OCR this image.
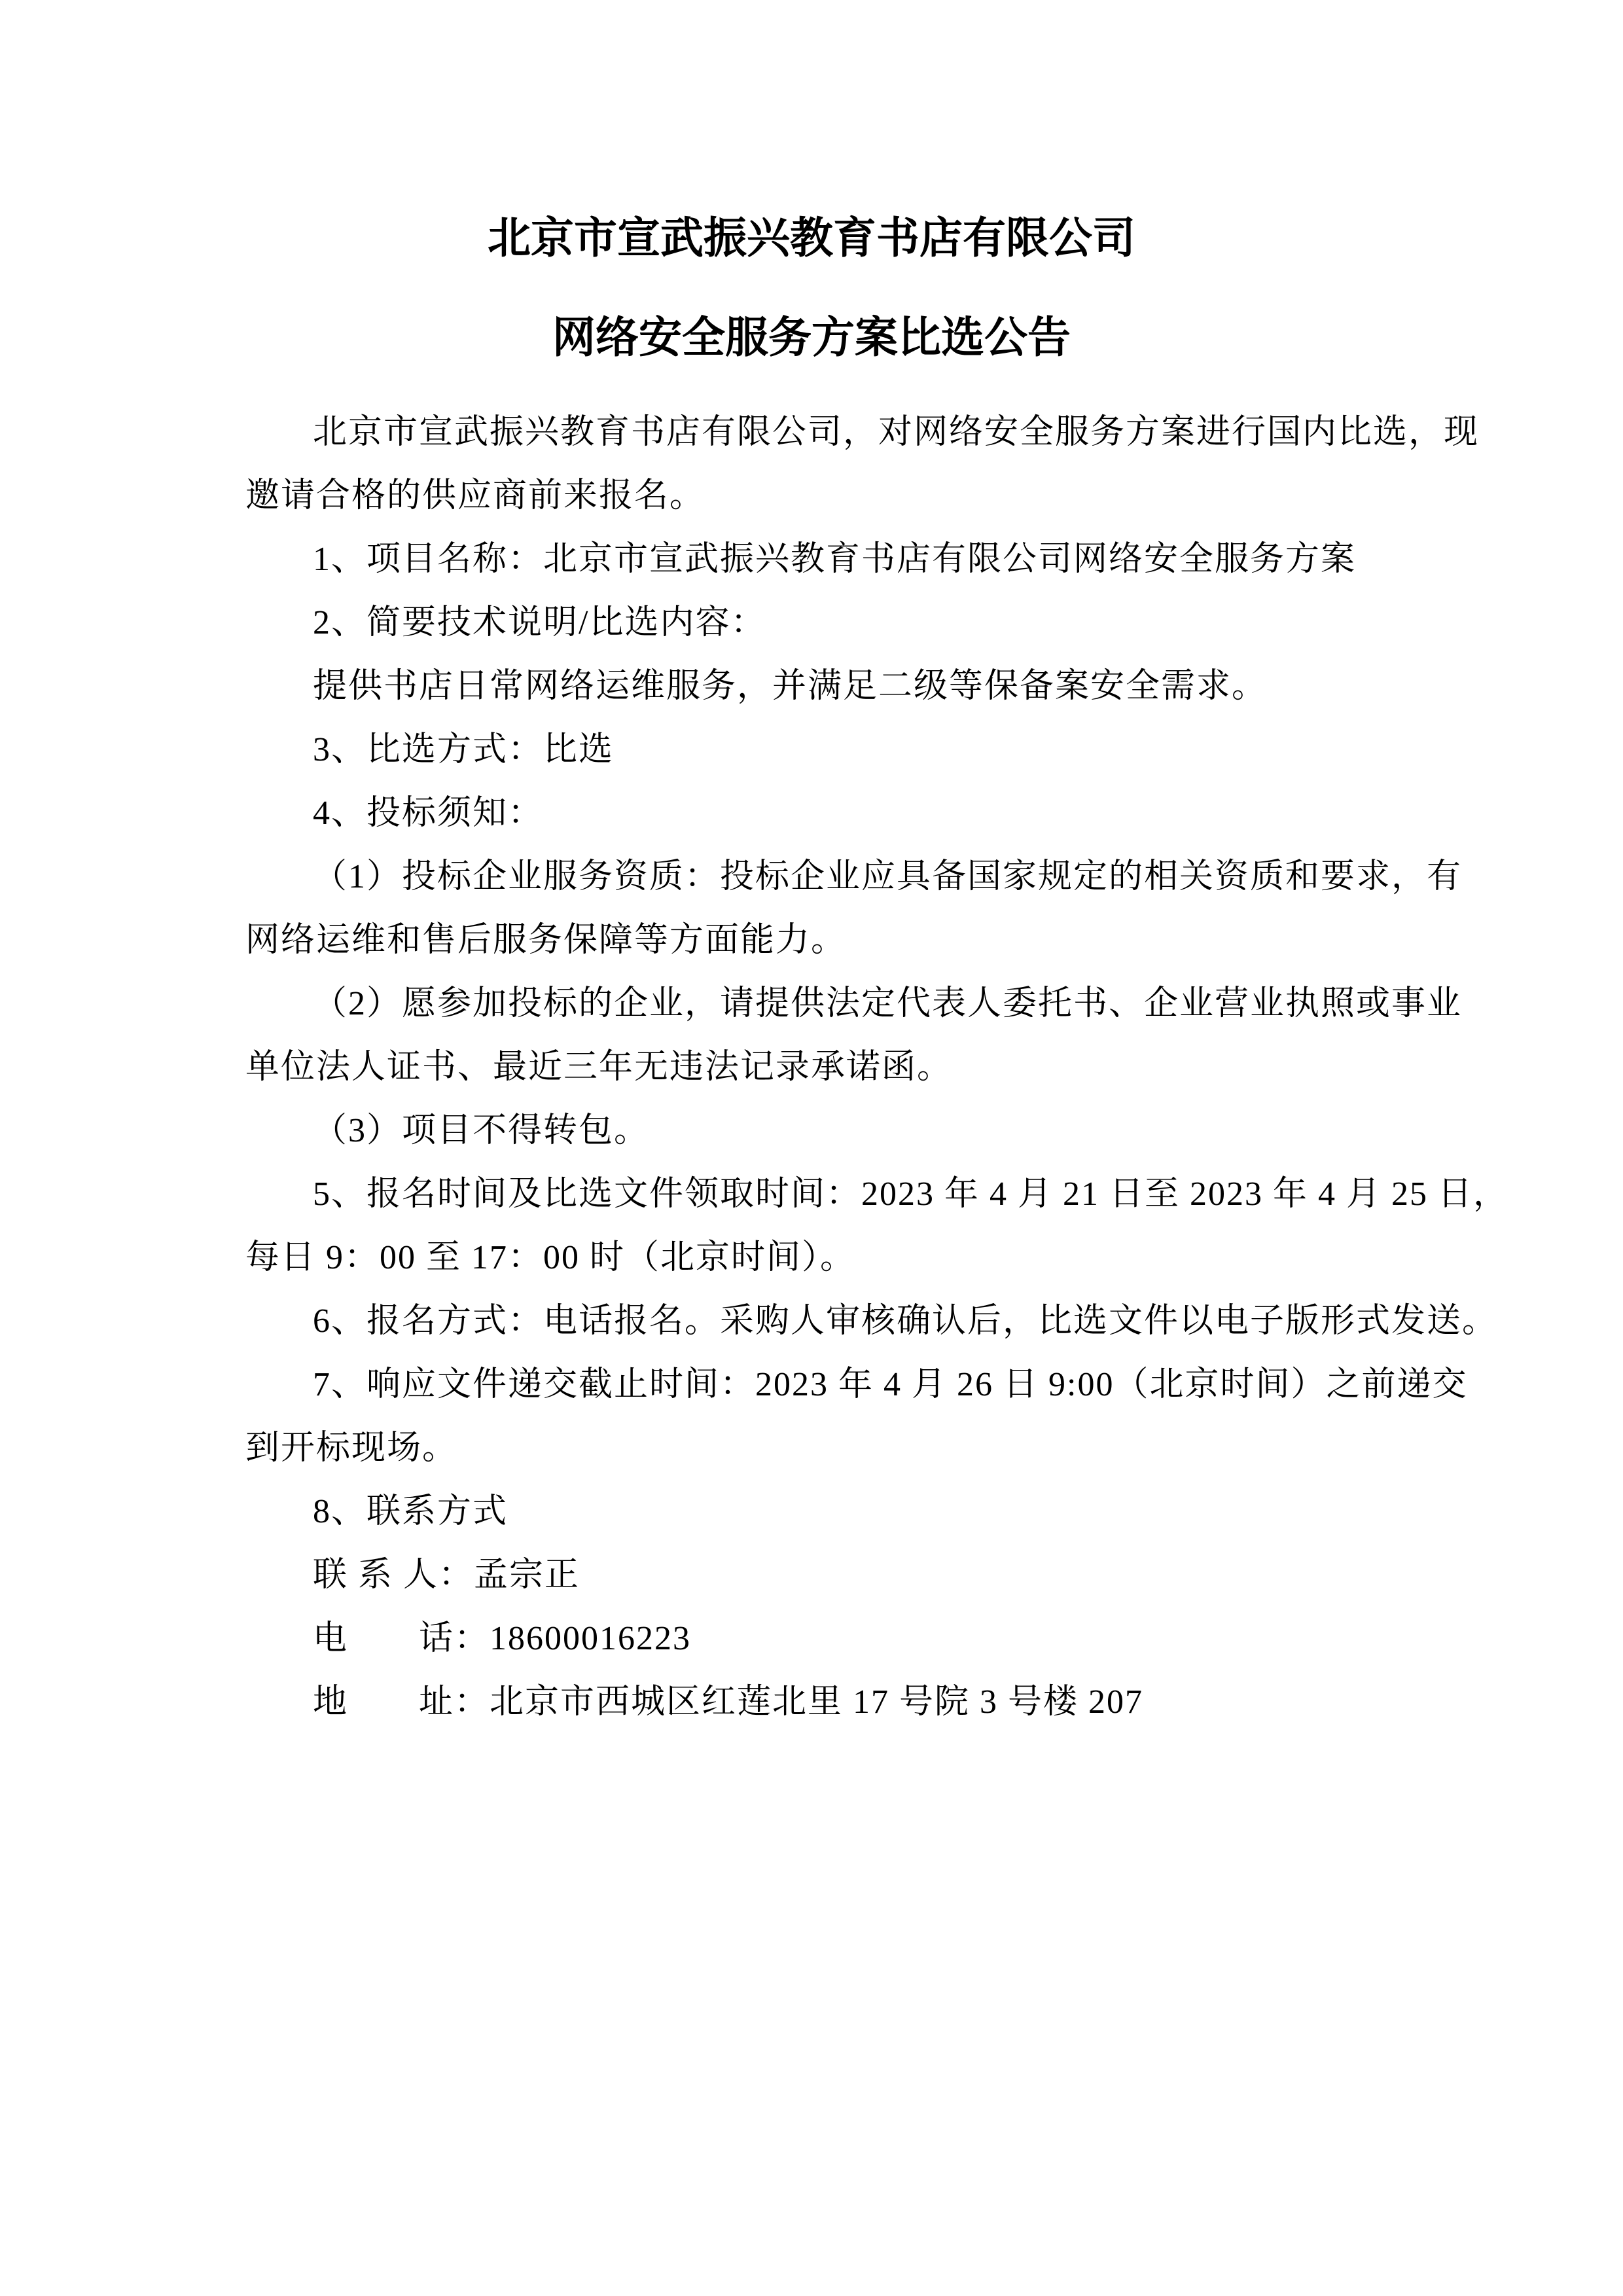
北京市宣武振兴教育书店有限公司
网络安全服务方案比选公告
北京市宣武振兴教育书店有限公司，对网络安全服务方案进行国内比选，现
邀请合格的供应商前来报名。
1、项目名称：北京市宣武振兴教育书店有限公司网络安全服务方案
2、简要技术说明/比选内容：
提供书店日常网络运维服务，并满足二级等保备案安全需求。
3、比选方式：比选
4、投标须知：
（1）投标企业服务资质：投标企业应具备国家规定的相关资质和要求，有
网络运维和售后服务保障等方面能力。
（2）愿参加投标的企业，请提供法定代表人委托书、企业营业执照或事业
单位法人证书、最近三年无违法记录承诺函。
（3）项目不得转包。
5、报名时间及比选文件领取时间：2023 年 4 月 21 日至 2023 年 4 月 25 日，
每日 9：00 至 17：00 时（北京时间）。
6、报名方式：电话报名。采购人审核确认后，比选文件以电子版形式发送。
7、响应文件递交截止时间：2023 年 4 月 26 日 9:00（北京时间）之前递交
到开标现场。
8、联系方式
联 系 人：孟宗正
电　　话：18600016223
地　　址：北京市西城区红莲北里 17 号院 3 号楼 207
